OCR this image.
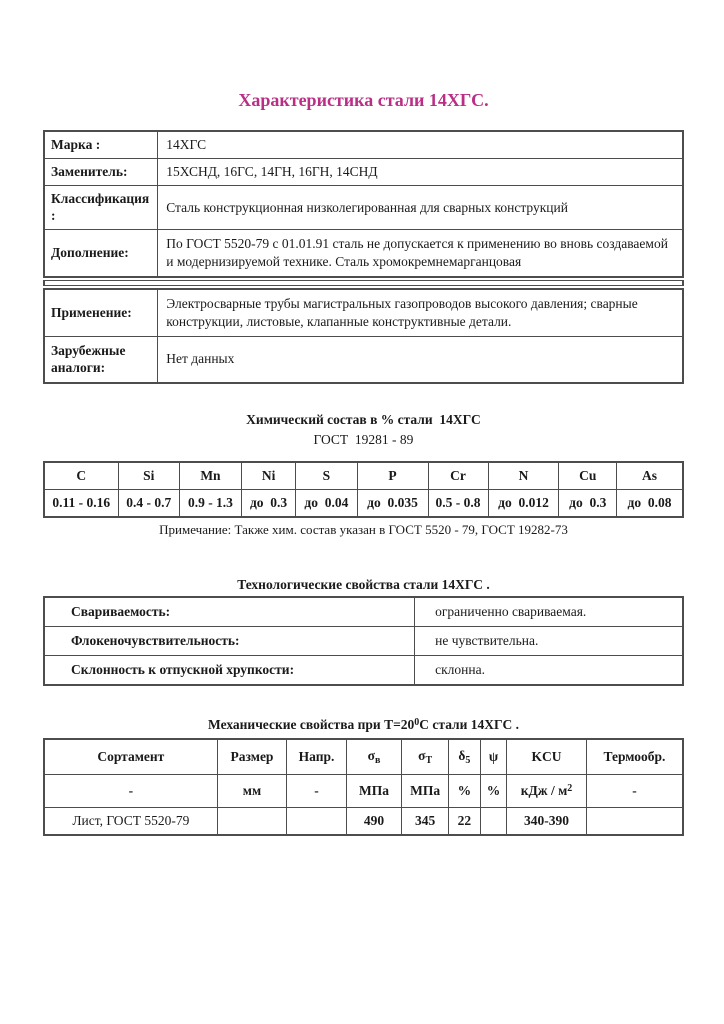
Характеристика стали 14ХГС.
Марка :	14ХГС
Заменитель:	15ХСНД, 16ГС, 14ГН, 16ГН, 14СНД
Классификация :	Сталь конструкционная низколегированная для сварных конструкций
Дополнение:	По ГОСТ 5520-79 с 01.01.91 сталь не допускается к применению во вновь создаваемой и модернизируемой технике. Сталь хромокремнемарганцовая
Применение:	Электросварные трубы магистральных газопроводов высокого давления; сварные конструкции, листовые, клапанные конструктивные детали.
Зарубежные аналоги:	Нет данных
Химический состав в % стали  14ХГС
ГОСТ  19281 - 89
C	Si	Mn	Ni	S	P	Cr	N	Cu	As
0.11 - 0.16	0.4 - 0.7	0.9 - 1.3	до  0.3	до  0.04	до  0.035	0.5 - 0.8	до  0.012	до  0.3	до  0.08
Примечание: Также хим. состав указан в ГОСТ 5520 - 79, ГОСТ 19282-73
Технологические свойства стали 14ХГС .
Свариваемость:	ограниченно свариваемая.
Флокеночувствительность:	не чувствительна.
Склонность к отпускной хрупкости:	склонна.
Механические свойства при $Т=20^0С$ стали 14ХГС .
Сортамент	Размер	Напр.	$\sigma_в$	$\sigma_Т$	$\delta_5$	ψ	KCU	Термообр.
-	мм	-	МПа	МПа	%	%	кДж / $м^2$	-
Лист, ГОСТ 5520-79			490	345	22		340-390	
